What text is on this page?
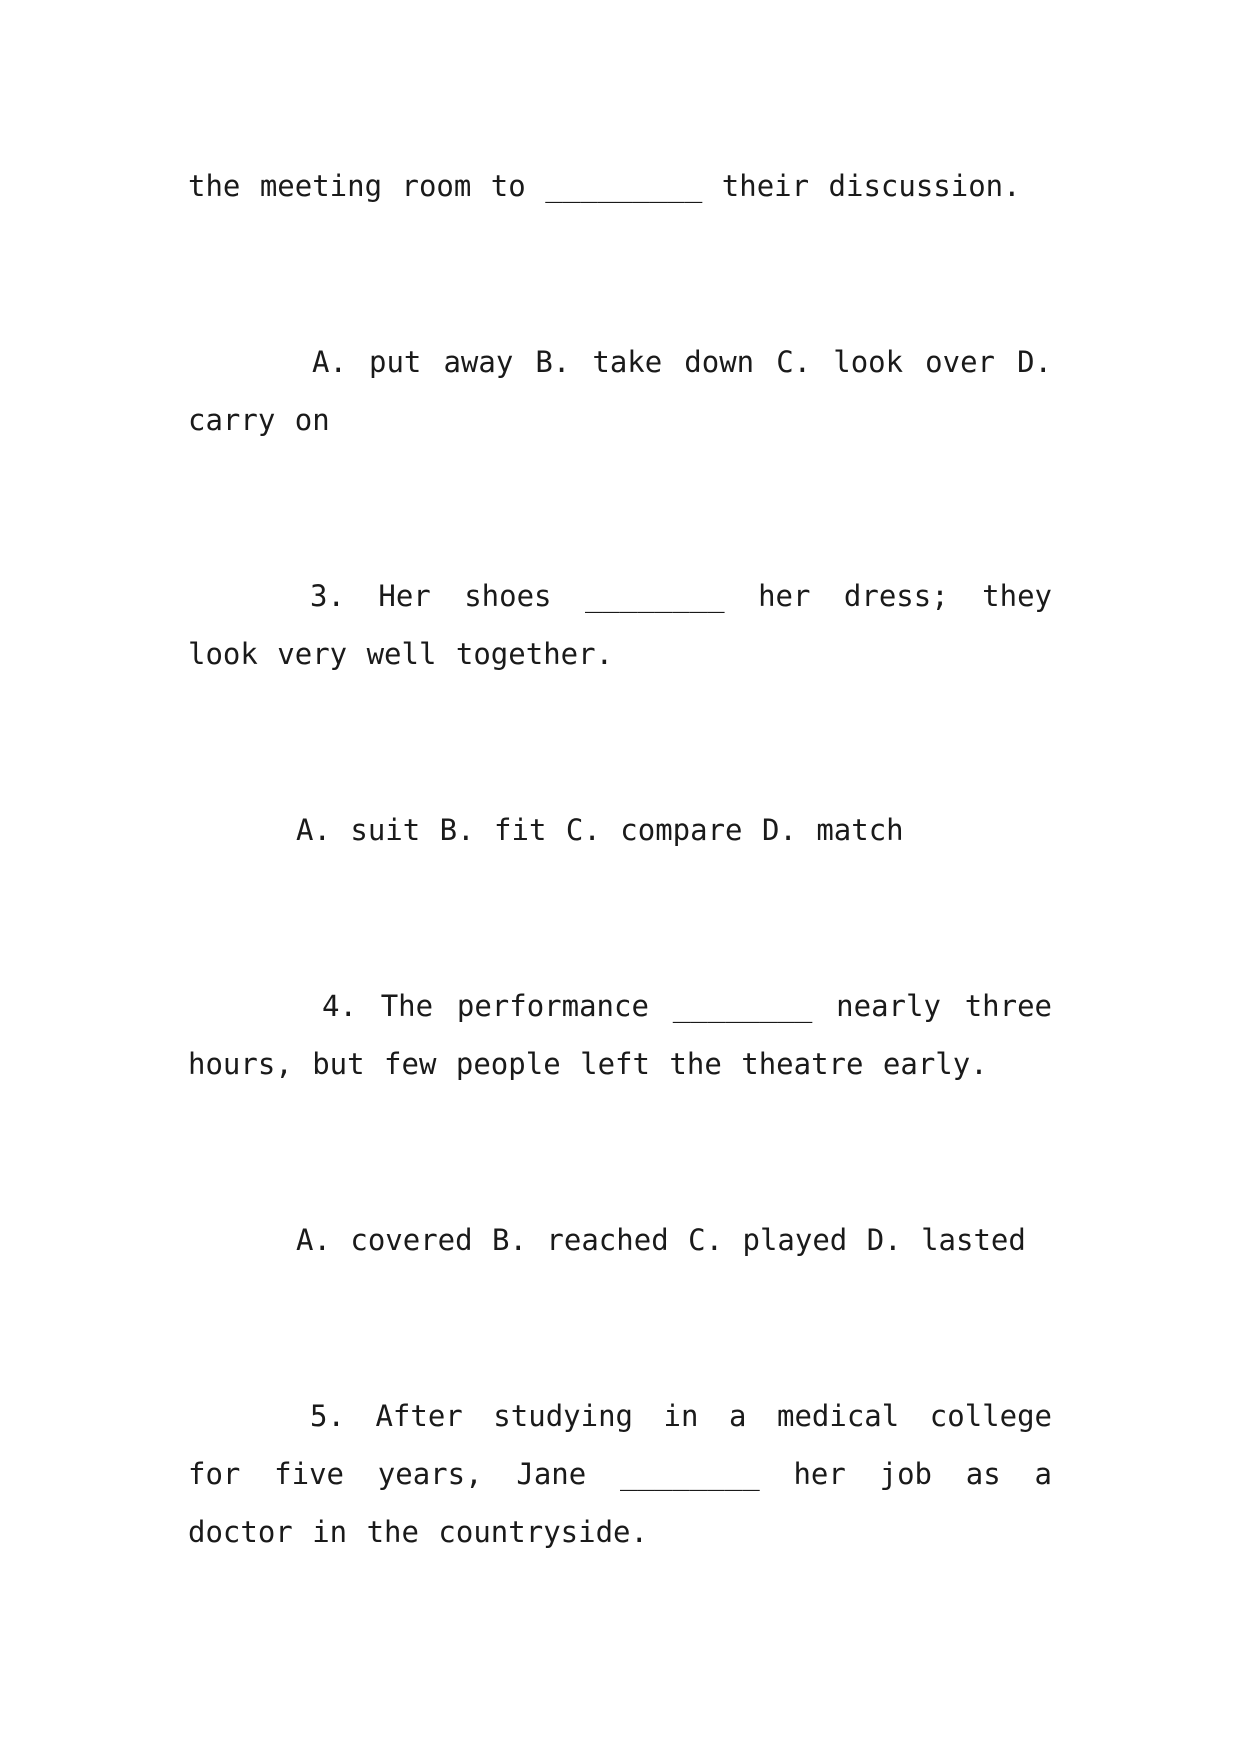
the meeting room to _________ their discussion.

A. put away B. take down C. look over D. carry on

3. Her shoes ________ her dress; they look very well together.

A. suit B. fit C. compare D. match

4. The performance ________ nearly three hours, but few people left the theatre early.

A. covered B. reached C. played D. lasted

5. After studying in a medical college for five years, Jane ________ her job as a doctor in the countryside.
